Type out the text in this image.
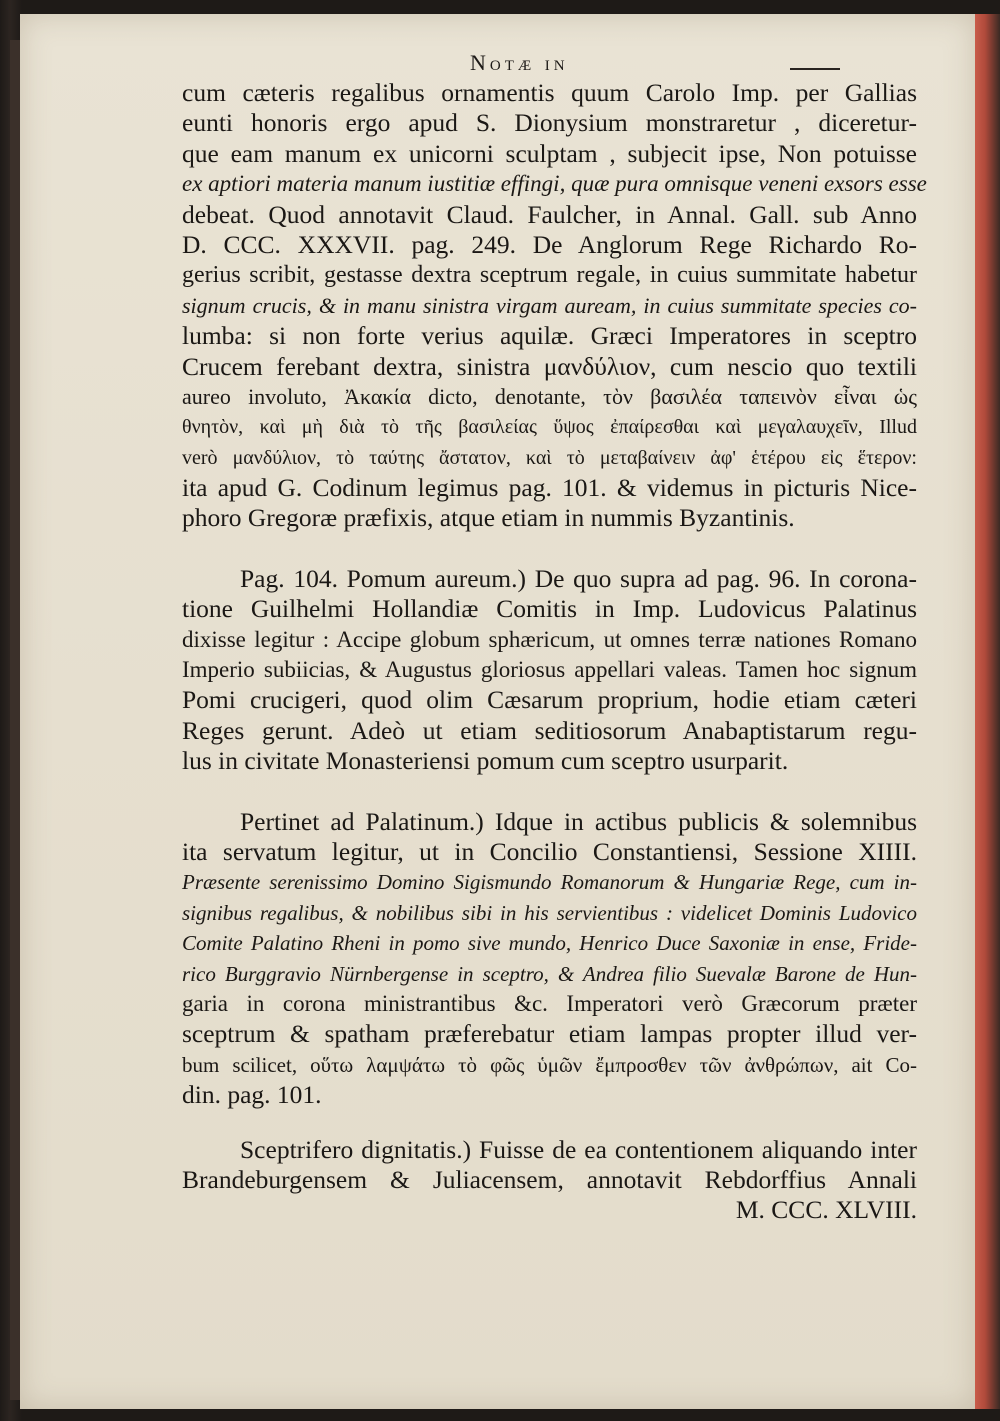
Notæ in
cum cæteris regalibus ornamentis quum Carolo Imp. per Gallias
eunti honoris ergo apud S. Dionysium monstraretur , diceretur-
que eam manum ex unicorni sculptam , subjecit ipse, Non potuisse
ex aptiori materia manum iustitiæ effingi, quæ pura omnisque veneni exsors esse
debeat. Quod annotavit Claud. Faulcher, in Annal. Gall. sub Anno
D. CCC. XXXVII. pag. 249. De Anglorum Rege Richardo Ro-
gerius scribit, gestasse dextra sceptrum regale, in cuius summitate habetur
signum crucis, & in manu sinistra virgam auream, in cuius summitate species co-
lumba: si non forte verius aquilæ. Græci Imperatores in sceptro
Crucem ferebant dextra, sinistra μανδύλιον, cum nescio quo textili
aureo involuto, Ἀκακία dicto, denotante, τὸν βασιλέα ταπεινὸν εἶναι ὡς
θνητὸν, καὶ μὴ διὰ τὸ τῆς βασιλείας ὕψος ἐπαίρεσθαι καὶ μεγαλαυχεῖν, Illud
verò μανδύλιον, τὸ ταύτης ἄστατον, καὶ τὸ μεταβαίνειν ἀφ' ἑτέρου εἰς ἕτερον:
ita apud G. Codinum legimus pag. 101. & videmus in picturis Nice-
phoro Gregoræ præfixis, atque etiam in nummis Byzantinis.
Pag. 104. Pomum aureum.) De quo supra ad pag. 96. In corona-
tione Guilhelmi Hollandiæ Comitis in Imp. Ludovicus Palatinus
dixisse legitur : Accipe globum sphæricum, ut omnes terræ nationes Romano
Imperio subiicias, & Augustus gloriosus appellari valeas. Tamen hoc signum
Pomi crucigeri, quod olim Cæsarum proprium, hodie etiam cæteri
Reges gerunt. Adeò ut etiam seditiosorum Anabaptistarum regu-
lus in civitate Monasteriensi pomum cum sceptro usurparit.
Pertinet ad Palatinum.) Idque in actibus publicis & solemnibus
ita servatum legitur, ut in Concilio Constantiensi, Sessione XIIII.
Præsente serenissimo Domino Sigismundo Romanorum & Hungariæ Rege, cum in-
signibus regalibus, & nobilibus sibi in his servientibus : videlicet Dominis Ludovico
Comite Palatino Rheni in pomo sive mundo, Henrico Duce Saxoniæ in ense, Fride-
rico Burggravio Nürnbergense in sceptro, & Andrea filio Suevalæ Barone de Hun-
garia in corona ministrantibus &c. Imperatori verò Græcorum præter
sceptrum & spatham præferebatur etiam lampas propter illud ver-
bum scilicet, οὕτω λαμψάτω τὸ φῶς ὑμῶν ἔμπροσθεν τῶν ἀνθρώπων, ait Co-
din. pag. 101.
Sceptrifero dignitatis.) Fuisse de ea contentionem aliquando inter
Brandeburgensem & Juliacensem, annotavit Rebdorffius Annali
M. CCC. XLVIII.
